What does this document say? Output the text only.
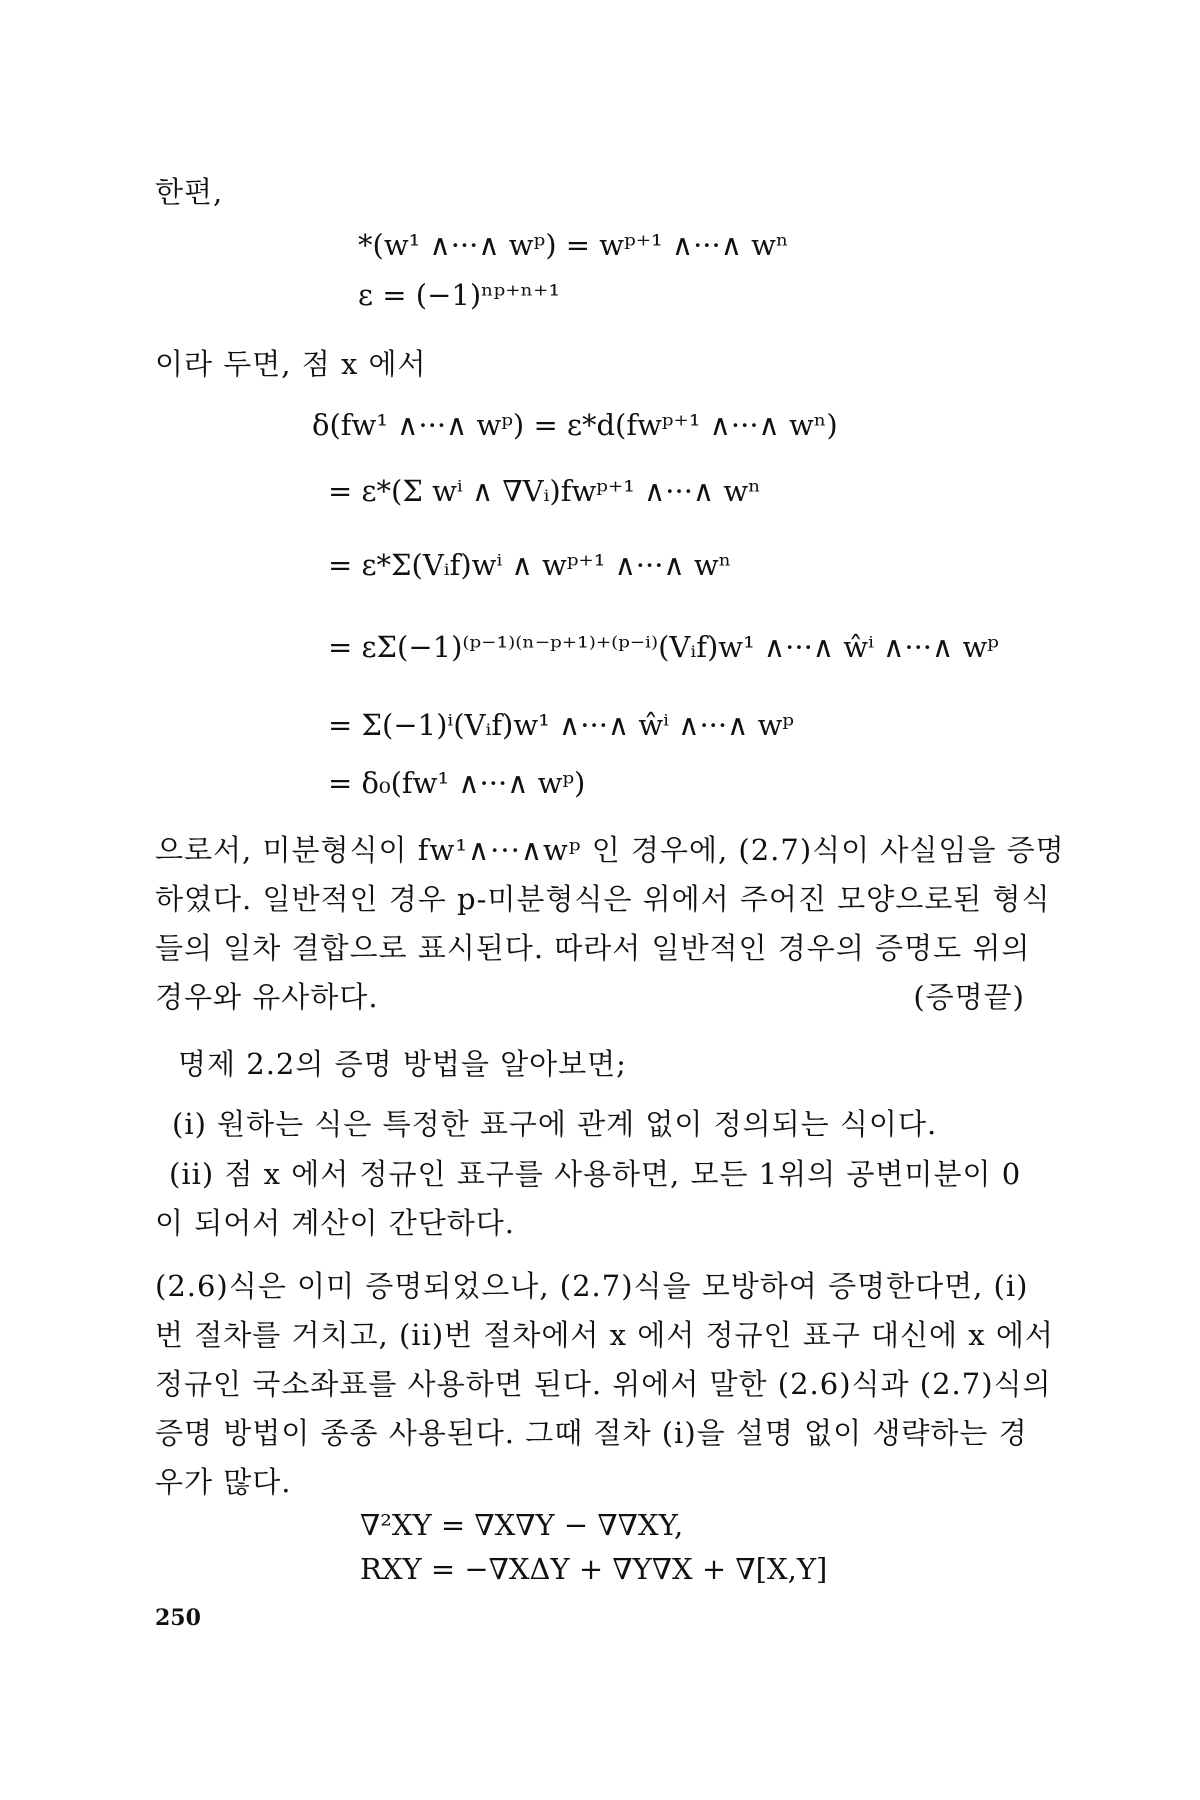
한편,
*(w¹ ∧···∧ wᵖ) = wᵖ⁺¹ ∧···∧ wⁿ
ε = (−1)ⁿᵖ⁺ⁿ⁺¹
이라 두면, 점 x 에서
δ(fw¹ ∧···∧ wᵖ) = ε*d(fwᵖ⁺¹ ∧···∧ wⁿ)
= ε*(Σ wⁱ ∧ ∇Vᵢ)fwᵖ⁺¹ ∧···∧ wⁿ
= ε*Σ(Vᵢf)wⁱ ∧ wᵖ⁺¹ ∧···∧ wⁿ
= εΣ(−1)⁽ᵖ⁻¹⁾⁽ⁿ⁻ᵖ⁺¹⁾⁺⁽ᵖ⁻ⁱ⁾(Vᵢf)w¹ ∧···∧ ŵⁱ ∧···∧ wᵖ
= Σ(−1)ⁱ(Vᵢf)w¹ ∧···∧ ŵⁱ ∧···∧ wᵖ
= δ₀(fw¹ ∧···∧ wᵖ)
으로서, 미분형식이 fw¹∧···∧wᵖ 인 경우에, (2.7)식이 사실임을 증명
하였다. 일반적인 경우 p-미분형식은 위에서 주어진 모양으로된 형식
들의 일차 결합으로 표시된다. 따라서 일반적인 경우의 증명도 위의
경우와 유사하다.	(증명끝)
명제 2.2의 증명 방법을 알아보면;
(i) 원하는 식은 특정한 표구에 관계 없이 정의되는 식이다.
(ii) 점 x 에서 정규인 표구를 사용하면, 모든 1위의 공변미분이 0
이 되어서 계산이 간단하다.
(2.6)식은 이미 증명되었으나, (2.7)식을 모방하여 증명한다면, (i)
번 절차를 거치고, (ii)번 절차에서 x 에서 정규인 표구 대신에 x 에서
정규인 국소좌표를 사용하면 된다. 위에서 말한 (2.6)식과 (2.7)식의
증명 방법이 종종 사용된다. 그때 절차 (i)을 설명 없이 생략하는 경
우가 많다.
∇²XY = ∇X∇Y − ∇∇XY,
RXY = −∇XΔY + ∇Y∇X + ∇[X,Y]
250
